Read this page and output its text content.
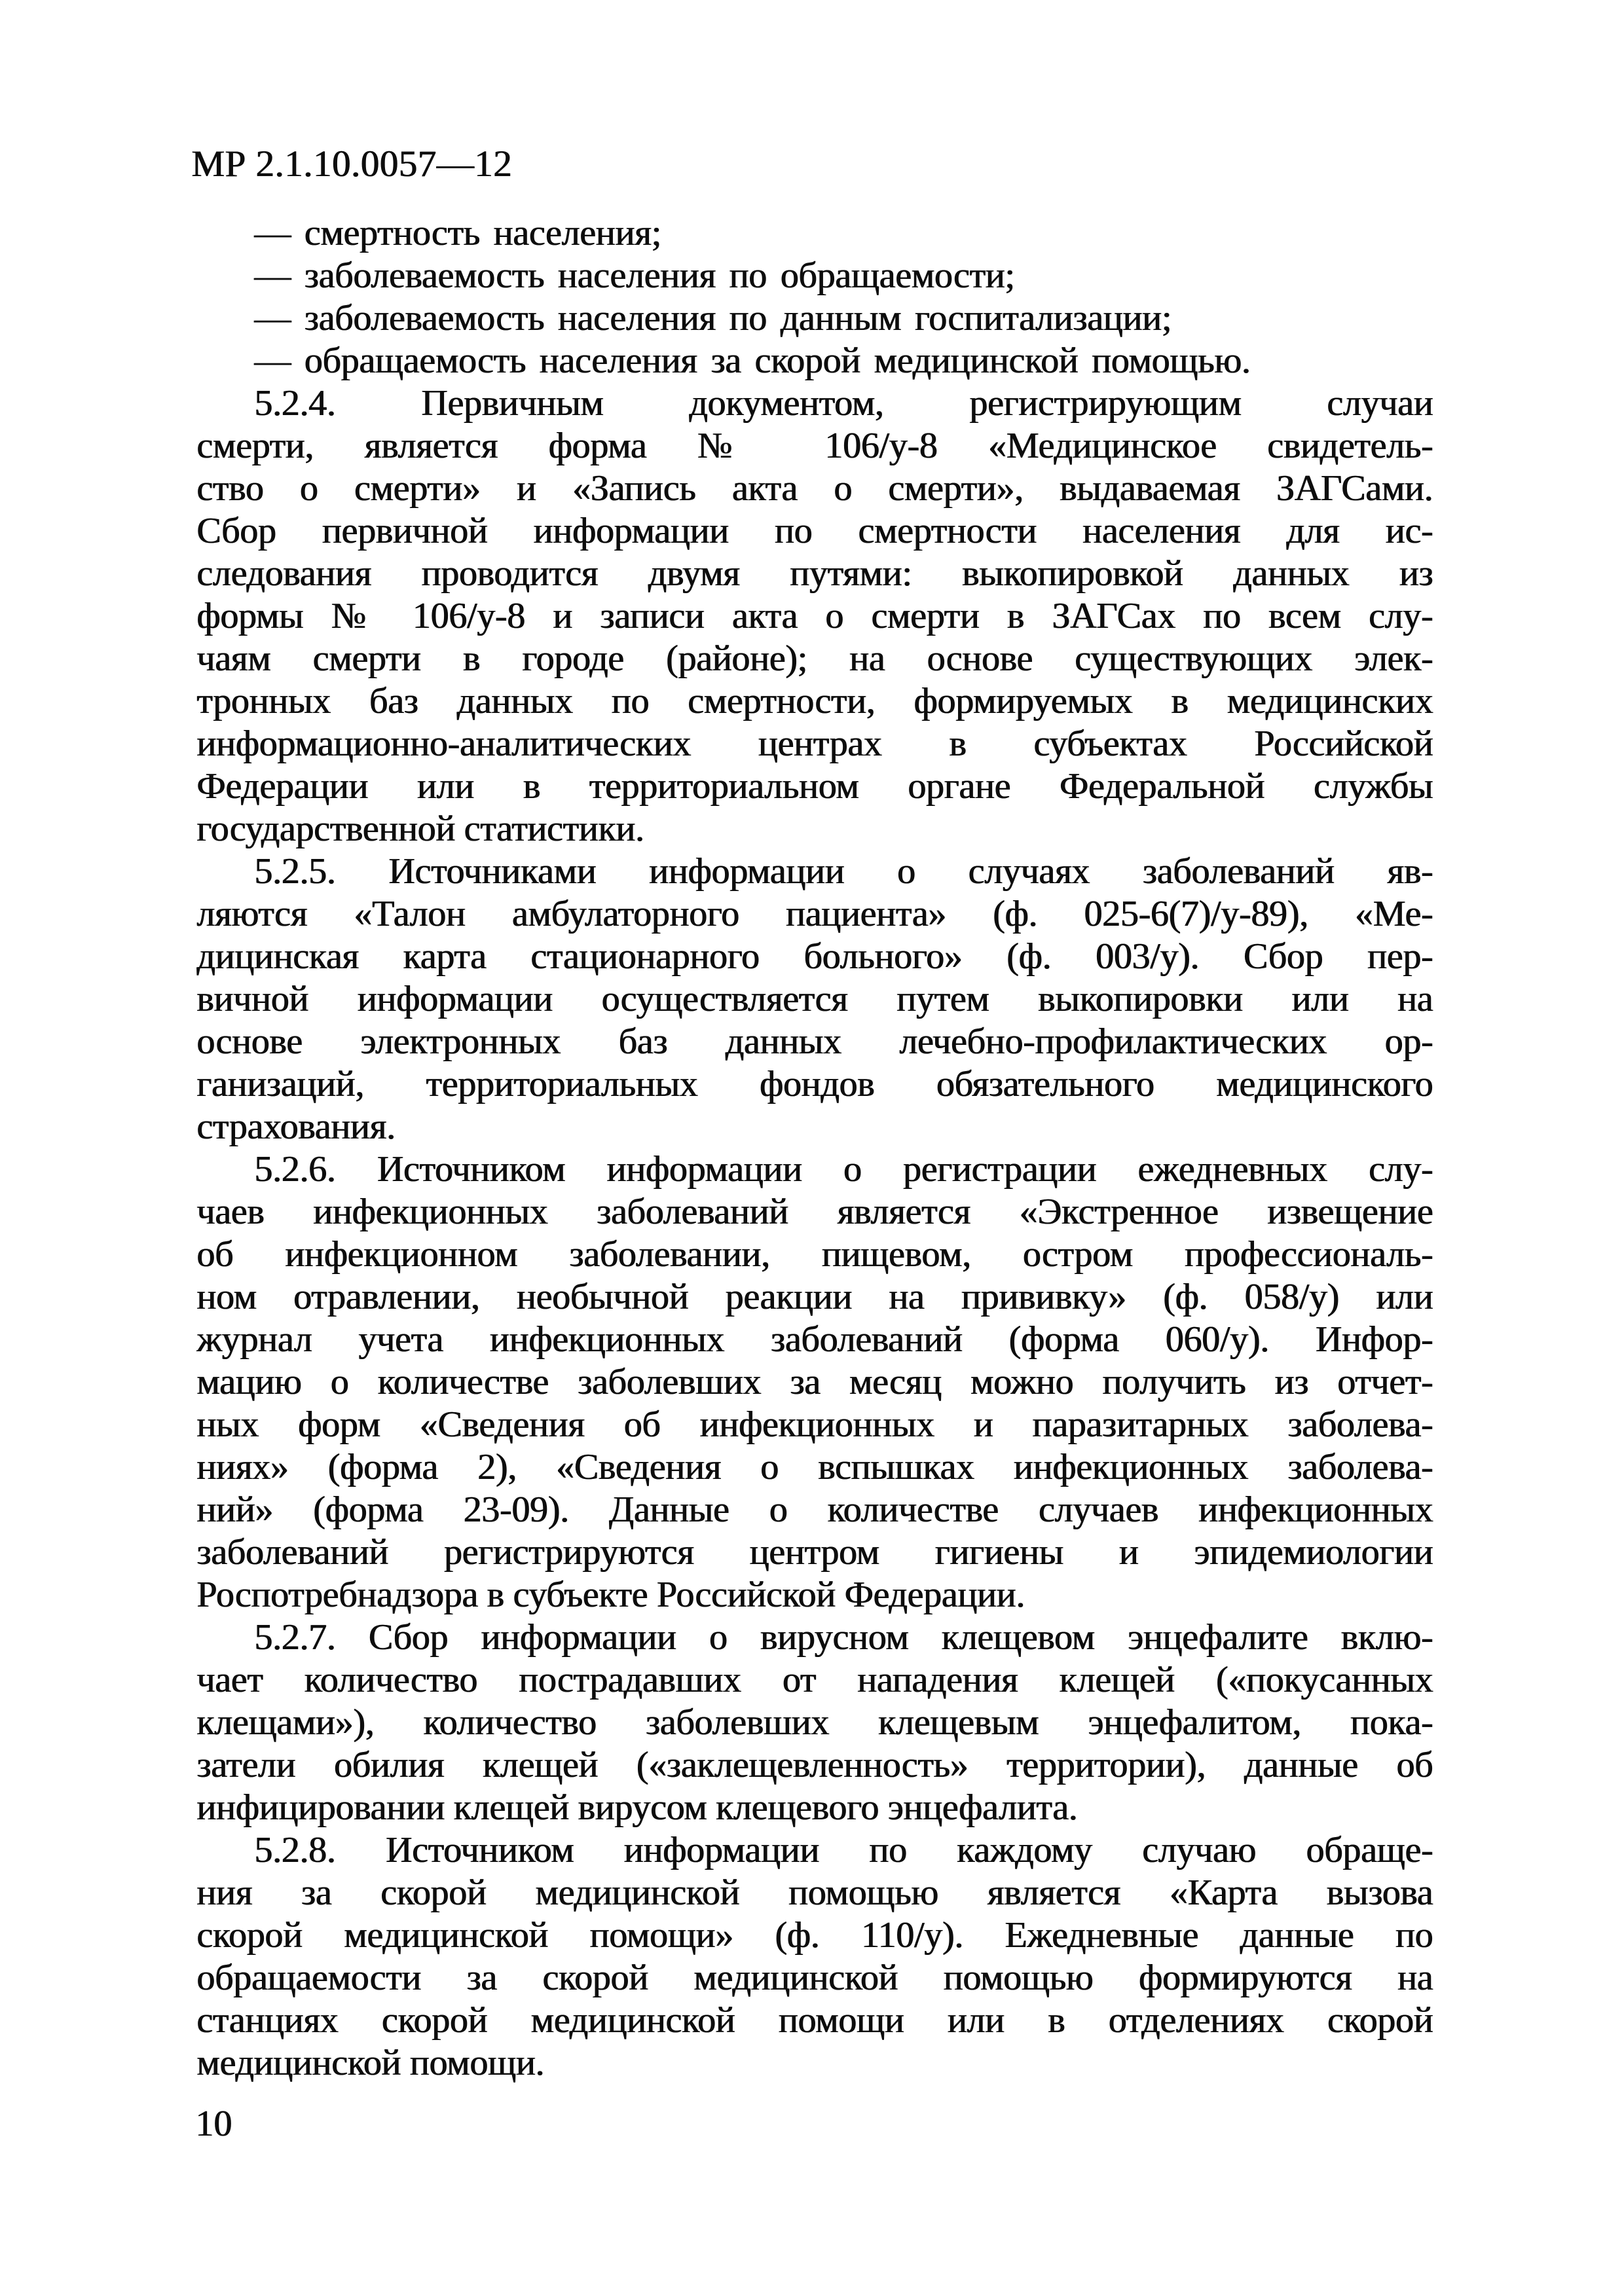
МР 2.1.10.0057—12
— смертность населения;
— заболеваемость населения по обращаемости;
— заболеваемость населения по данным госпитализации;
— обращаемость населения за скорой медицинской помощью.
5.2.4. Первичным документом, регистрирующим случаи
смерти, является форма № 106/у-8 «Медицинское свидетель-
ство о смерти» и «Запись акта о смерти», выдаваемая ЗАГСами.
Сбор первичной информации по смертности населения для ис-
следования проводится двумя путями: выкопировкой данных из
формы № 106/у-8 и записи акта о смерти в ЗАГСах по всем слу-
чаям смерти в городе (районе); на основе существующих элек-
тронных баз данных по смертности, формируемых в медицинских
информационно-аналитических центрах в субъектах Российской
Федерации или в территориальном органе Федеральной службы
государственной статистики.
5.2.5. Источниками информации о случаях заболеваний яв-
ляются «Талон амбулаторного пациента» (ф. 025-6(7)/у-89), «Ме-
дицинская карта стационарного больного» (ф. 003/у). Сбор пер-
вичной информации осуществляется путем выкопировки или на
основе электронных баз данных лечебно-профилактических ор-
ганизаций, территориальных фондов обязательного медицинского
страхования.
5.2.6. Источником информации о регистрации ежедневных слу-
чаев инфекционных заболеваний является «Экстренное извещение
об инфекционном заболевании, пищевом, остром профессиональ-
ном отравлении, необычной реакции на прививку» (ф. 058/у) или
журнал учета инфекционных заболеваний (форма 060/у). Инфор-
мацию о количестве заболевших за месяц можно получить из отчет-
ных форм «Сведения об инфекционных и паразитарных заболева-
ниях» (форма 2), «Сведения о вспышках инфекционных заболева-
ний» (форма 23-09). Данные о количестве случаев инфекционных
заболеваний регистрируются центром гигиены и эпидемиологии
Роспотребнадзора в субъекте Российской Федерации.
5.2.7. Сбор информации о вирусном клещевом энцефалите вклю-
чает количество пострадавших от нападения клещей («покусанных
клещами»), количество заболевших клещевым энцефалитом, пока-
затели обилия клещей («заклещевленность» территории), данные об
инфицировании клещей вирусом клещевого энцефалита.
5.2.8. Источником информации по каждому случаю обраще-
ния за скорой медицинской помощью является «Карта вызова
скорой медицинской помощи» (ф. 110/у). Ежедневные данные по
обращаемости за скорой медицинской помощью формируются на
станциях скорой медицинской помощи или в отделениях скорой
медицинской помощи.
10
